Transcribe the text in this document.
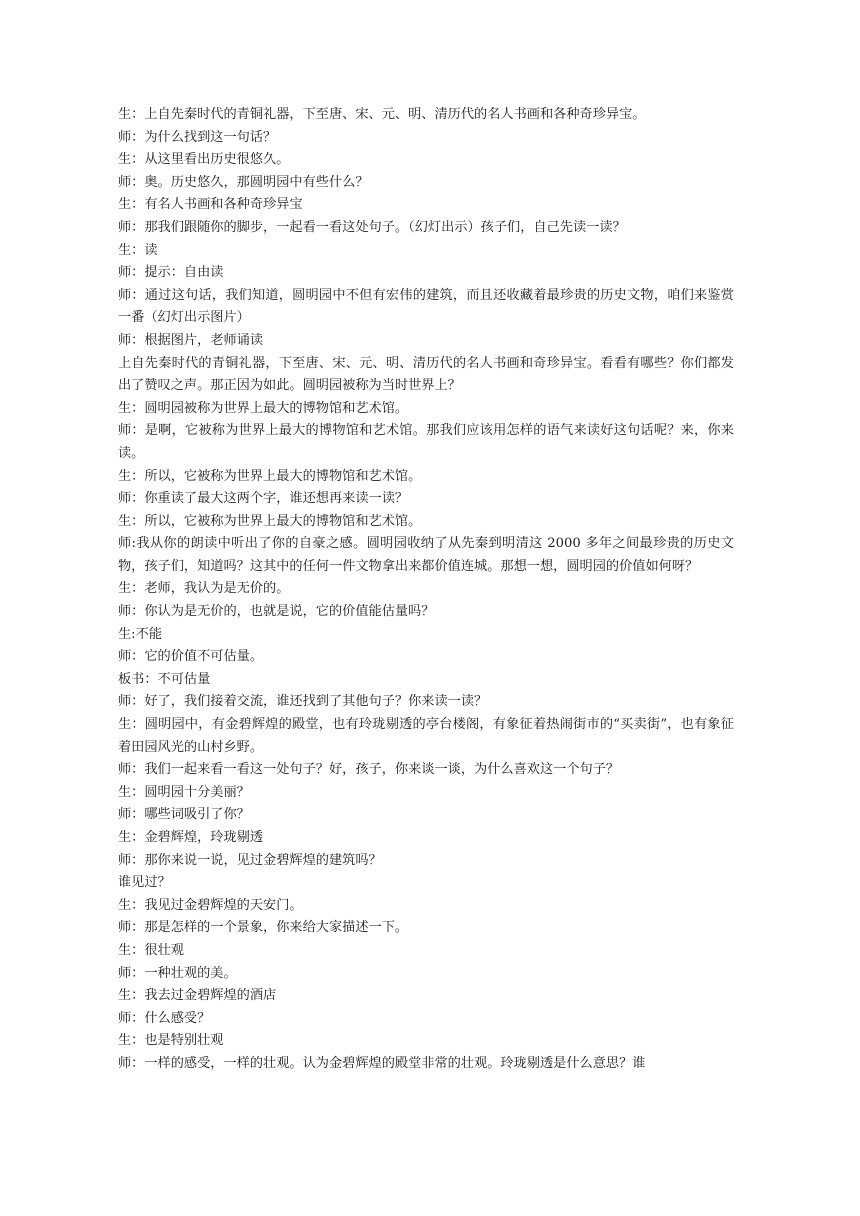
生：上自先秦时代的青铜礼器，下至唐、宋、元、明、清历代的名人书画和各种奇珍异宝。

师：为什么找到这一句话？

生：从这里看出历史很悠久。

师：奥。历史悠久，那圆明园中有些什么？

生：有名人书画和各种奇珍异宝

师：那我们跟随你的脚步，一起看一看这处句子。（幻灯出示）孩子们，自己先读一读？

生：读

师：提示：自由读

师：通过这句话，我们知道，圆明园中不但有宏伟的建筑，而且还收藏着最珍贵的历史文物，咱们来鉴赏一番（幻灯出示图片）

师：根据图片，老师诵读

上自先秦时代的青铜礼器，下至唐、宋、元、明、清历代的名人书画和奇珍异宝。看看有哪些？你们都发出了赞叹之声。那正因为如此。圆明园被称为当时世界上？

生：圆明园被称为世界上最大的博物馆和艺术馆。

师：是啊，它被称为世界上最大的博物馆和艺术馆。那我们应该用怎样的语气来读好这句话呢？来，你来读。

生：所以，它被称为世界上最大的博物馆和艺术馆。

师：你重读了最大这两个字，谁还想再来读一读？

生：所以，它被称为世界上最大的博物馆和艺术馆。

师:我从你的朗读中听出了你的自豪之感。圆明园收纳了从先秦到明清这 2000 多年之间最珍贵的历史文物，孩子们，知道吗？这其中的任何一件文物拿出来都价值连城。那想一想，圆明园的价值如何呀？

生：老师，我认为是无价的。

师：你认为是无价的，也就是说，它的价值能估量吗？

生:不能

师：它的价值不可估量。

板书：不可估量

师：好了，我们接着交流，谁还找到了其他句子？你来读一读？

生：圆明园中，有金碧辉煌的殿堂，也有玲珑剔透的亭台楼阁，有象征着热闹街市的“买卖街”，也有象征着田园风光的山村乡野。

师：我们一起来看一看这一处句子？好，孩子，你来谈一谈，为什么喜欢这一个句子？

生：圆明园十分美丽？

师：哪些词吸引了你？

生：金碧辉煌，玲珑剔透

师：那你来说一说，见过金碧辉煌的建筑吗？

谁见过？

生：我见过金碧辉煌的天安门。

师：那是怎样的一个景象，你来给大家描述一下。

生：很壮观

师：一种壮观的美。

生：我去过金碧辉煌的酒店

师：什么感受？

生：也是特别壮观

师：一样的感受，一样的壮观。认为金碧辉煌的殿堂非常的壮观。玲珑剔透是什么意思？谁
